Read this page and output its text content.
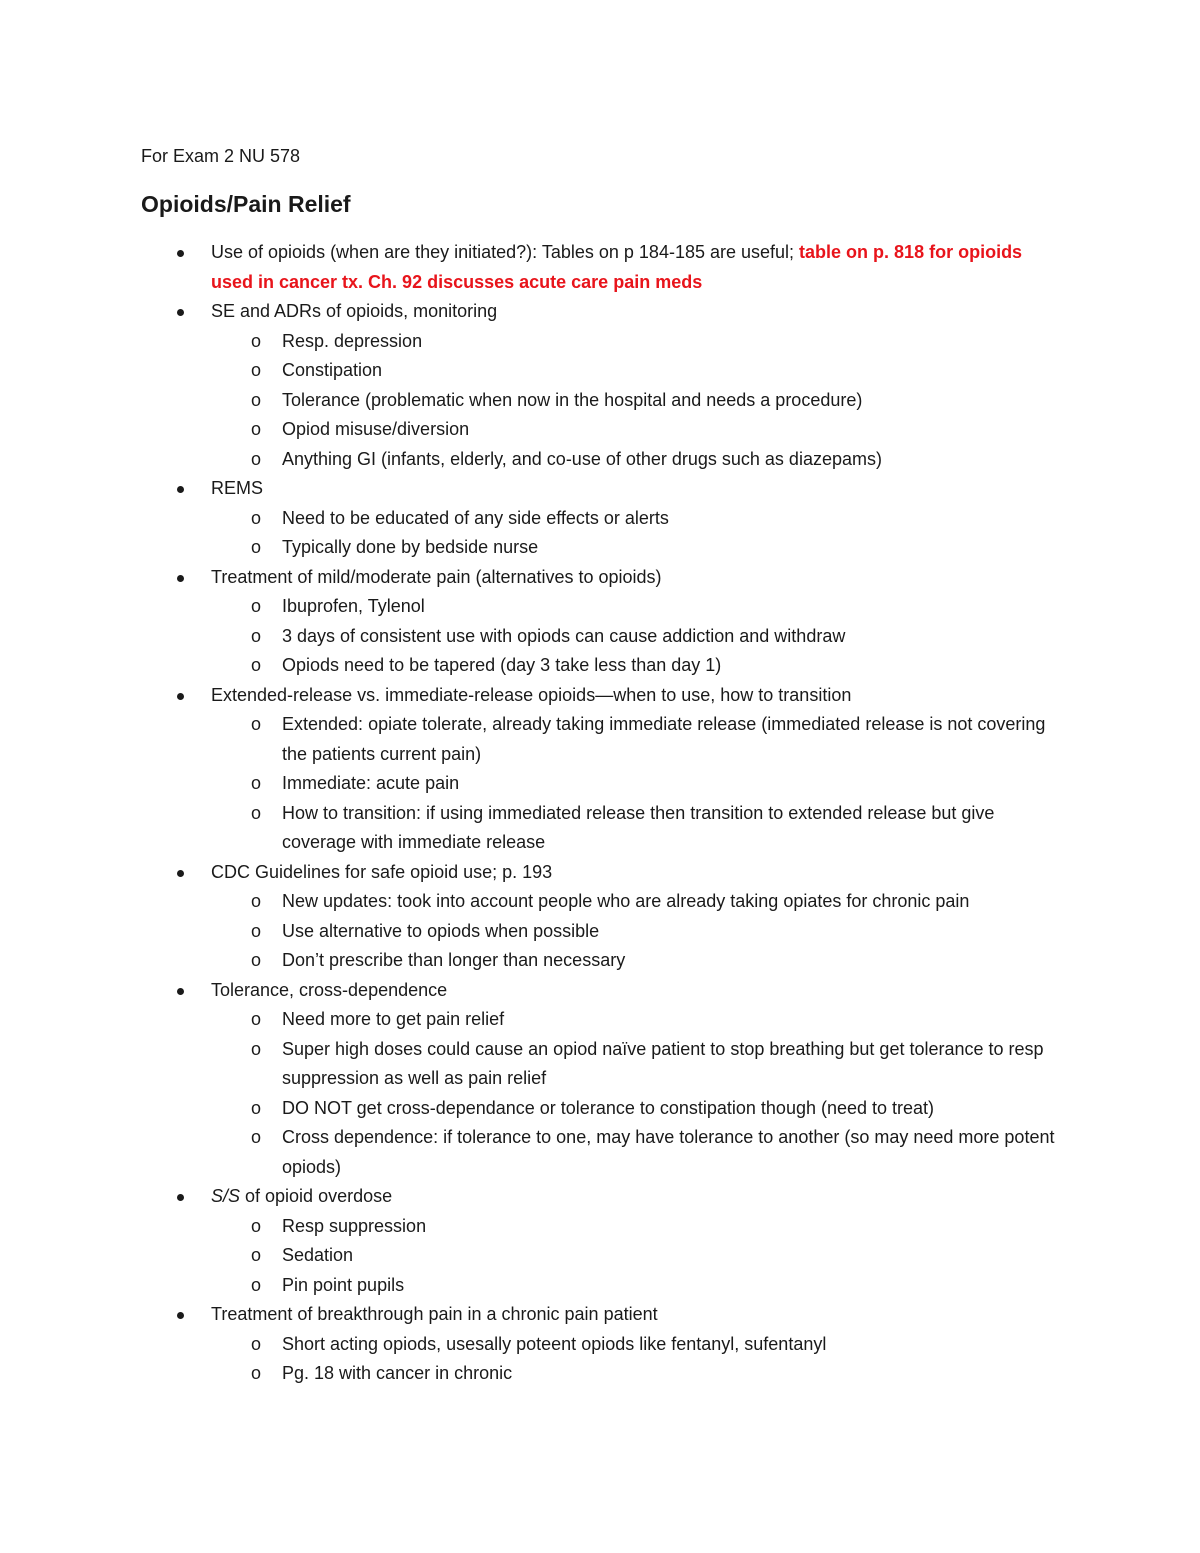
For Exam 2 NU 578
Opioids/Pain Relief
Use of opioids (when are they initiated?): Tables on p 184-185 are useful; table on p. 818 for opioids used in cancer tx. Ch. 92 discusses acute care pain meds
SE and ADRs of opioids, monitoring
o Resp. depression
o Constipation
o Tolerance (problematic when now in the hospital and needs a procedure)
o Opiod misuse/diversion
o Anything GI (infants, elderly, and co-use of other drugs such as diazepams)
REMS
o Need to be educated of any side effects or alerts
o Typically done by bedside nurse
Treatment of mild/moderate pain (alternatives to opioids)
o Ibuprofen, Tylenol
o 3 days of consistent use with opiods can cause addiction and withdraw
o Opiods need to be tapered (day 3 take less than day 1)
Extended-release vs. immediate-release opioids—when to use, how to transition
o Extended: opiate tolerate, already taking immediate release (immediated release is not covering the patients current pain)
o Immediate: acute pain
o How to transition: if using immediated release then transition to extended release but give coverage with immediate release
CDC Guidelines for safe opioid use; p. 193
o New updates: took into account people who are already taking opiates for chronic pain
o Use alternative to opiods when possible
o Don’t prescribe than longer than necessary
Tolerance, cross-dependence
o Need more to get pain relief
o Super high doses could cause an opiod naïve patient to stop breathing but get tolerance to resp suppression as well as pain relief
o DO NOT get cross-dependance or tolerance to constipation though (need to treat)
o Cross dependence: if tolerance to one, may have tolerance to another (so may need more potent opiods)
S/S of opioid overdose
o Resp suppression
o Sedation
o Pin point pupils
Treatment of breakthrough pain in a chronic pain patient
o Short acting opiods, usesally poteent opiods like fentanyl, sufentanyl
o Pg. 18 with cancer in chronic
